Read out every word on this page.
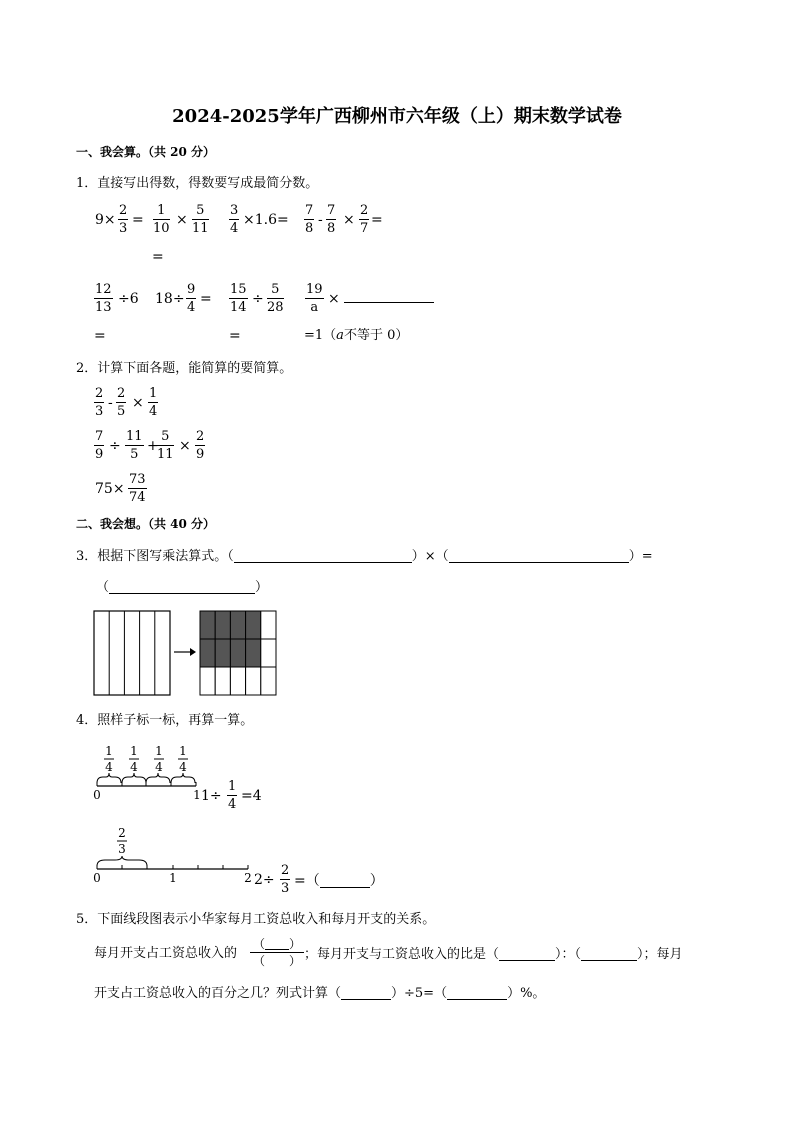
2024-2025学年广西柳州市六年级（上）期末数学试卷
一、我会算。（共 20 分）
1．直接写出得数，得数要写成最简分数。
$9\times \frac{2}{3} = \frac{1}{10} \times \frac{5}{11}$
=
$\frac{3}{4} \times 1.6= \frac{7}{8} - \frac{7}{8} \times \frac{2}{7}$ =
$\frac{12}{13} \div 6$
=
$18\div \frac{9}{4} = \frac{15}{14} \div \frac{5}{28}$
=
$\frac{19}{a}$ ×
=1（a不等于 0）
2．计算下面各题，能简算的要简算。
$\frac{2}{3} - \frac{2}{5} \times \frac{1}{4}$
$\frac{7}{9} \div \frac{11}{5}$ +
$\frac{5}{11} \times \frac{2}{9}$
$75\times \frac{73}{74}$
二、我会想。（共 40 分）
3．根据下图写乘法算式。（	）×（	）=
（	）
4．照样子标一标，再算一算。
1
4
1
4
1
4
1
4
0	1 $1\div \frac{1}{4} =4$
2
3
0	1	2 $2\div \frac{2}{3}$ =（	）
5．下面线段图表示小华家每月工资总收入和每月开支的关系。
每月开支占工资总收入的
（ ）
（ ） ；每月开支与工资总收入的比是（	）：（	）；每月
开支占工资总收入的百分之几？列式计算（	）÷5=（	）%。
